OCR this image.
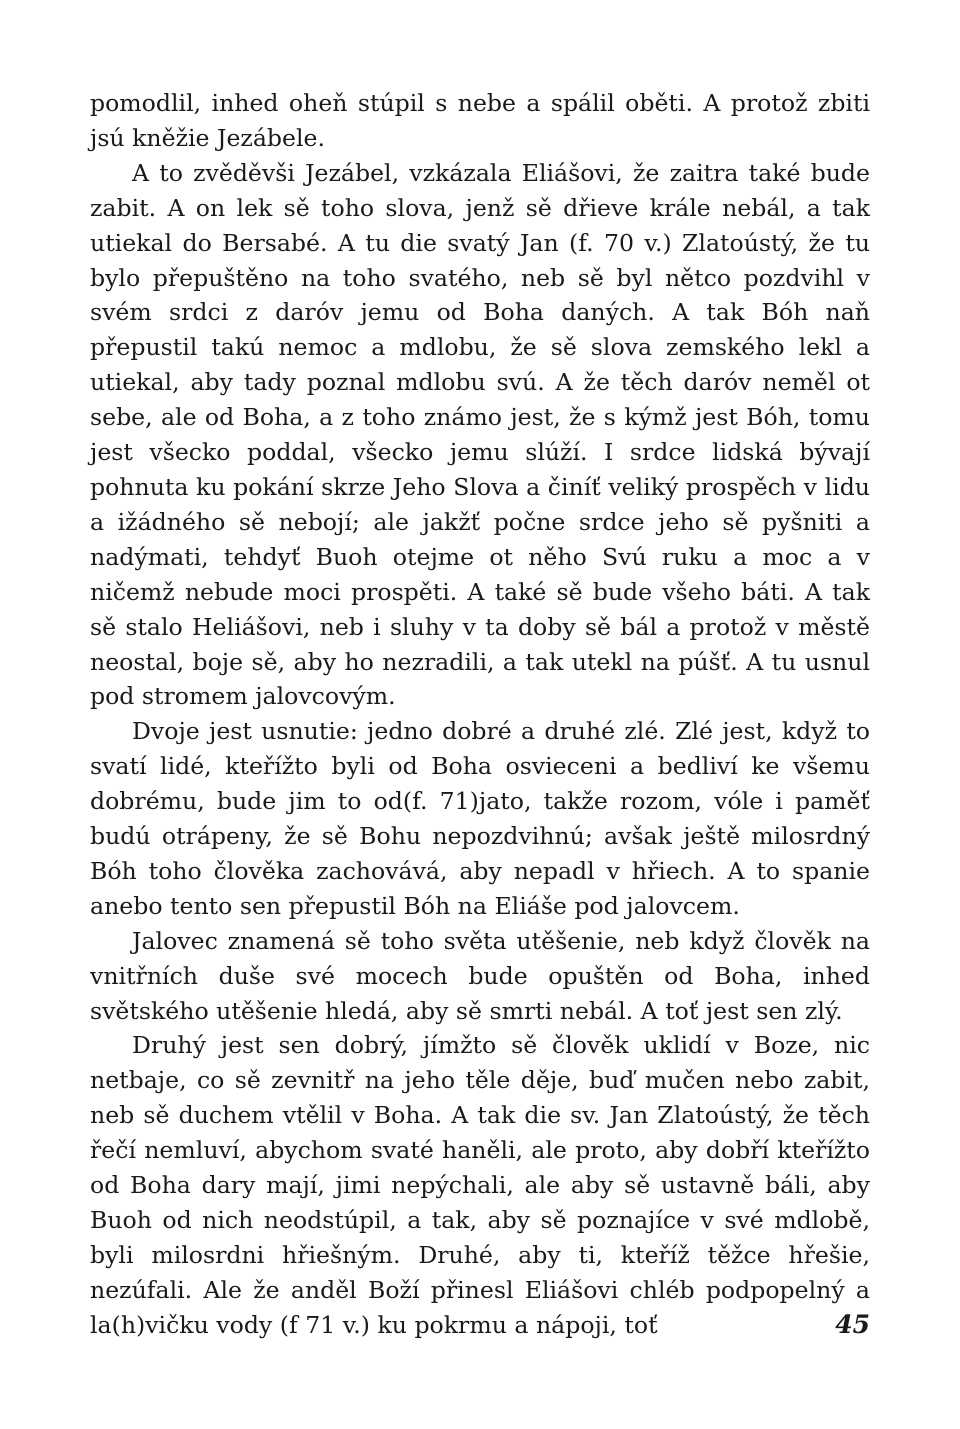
pomodlil, inhed oheň stúpil s nebe a spálil oběti. A protož zbiti jsú kněžie Jezábele.

A to zvěděvši Jezábel, vzkázala Eliášovi, že zaitra také bude zabit. A on lek sě toho slova, jenž sě dřieve krále nebál, a tak utiekal do Bersabé. A tu die svatý Jan (f. 70 v.) Zlatoústý, že tu bylo přepuštěno na toho svatého, neb sě byl nětco pozdvihl v svém srdci z daróv jemu od Boha daných. A tak Bóh naň přepustil takú nemoc a mdlobu, že sě slova zemského lekl a utiekal, aby tady poznal mdlobu svú. A že těch daróv neměl ot sebe, ale od Boha, a z toho známo jest, že s kýmž jest Bóh, tomu jest všecko poddal, všecko jemu slúží. I srdce lidská bývají pohnuta ku pokání skrze Jeho Slova a činíť veliký prospěch v lidu a ižádného sě nebojí; ale jakžť počne srdce jeho sě pyšniti a nadýmati, tehdyť Buoh otejme ot něho Svú ruku a moc a v ničemž nebude moci prospěti. A také sě bude všeho báti. A tak sě stalo Heliášovi, neb i sluhy v ta doby sě bál a protož v městě neostal, boje sě, aby ho nezradili, a tak utekl na púšť. A tu usnul pod stromem jalovcovým.

Dvoje jest usnutie: jedno dobré a druhé zlé. Zlé jest, když to svatí lidé, kteřížto byli od Boha osvieceni a bedliví ke všemu dobrému, bude jim to od(f. 71)jato, takže rozom, vóle i paměť budú otrápeny, že sě Bohu nepozdvihnú; avšak ještě milosrdný Bóh toho člověka zachovává, aby nepadl v hřiech. A to spanie anebo tento sen přepustil Bóh na Eliáše pod jalovcem.

Jalovec znamená sě toho světa utěšenie, neb když člověk na vnitřních duše své mocech bude opuštěn od Boha, inhed světského utěšenie hledá, aby sě smrti nebál. A toť jest sen zlý.

Druhý jest sen dobrý, jímžto sě člověk uklidí v Boze, nic netbaje, co sě zevnitř na jeho těle děje, buď mučen nebo zabit, neb sě duchem vtělil v Boha. A tak die sv. Jan Zlatoústý, že těch řečí nemluví, abychom svaté haněli, ale proto, aby dobří kteřížto od Boha dary mají, jimi nepýchali, ale aby sě ustavně báli, aby Buoh od nich neodstúpil, a tak, aby sě poznajíce v své mdlobě, byli milosrdni hřiešným. Druhé, aby ti, kteříž těžce hřešie, nezúfali. Ale že anděl Boží přinesl Eliášovi chléb podpopelný a la(h)vičku vody (f 71 v.) ku pokrmu a nápoji, toť	45
